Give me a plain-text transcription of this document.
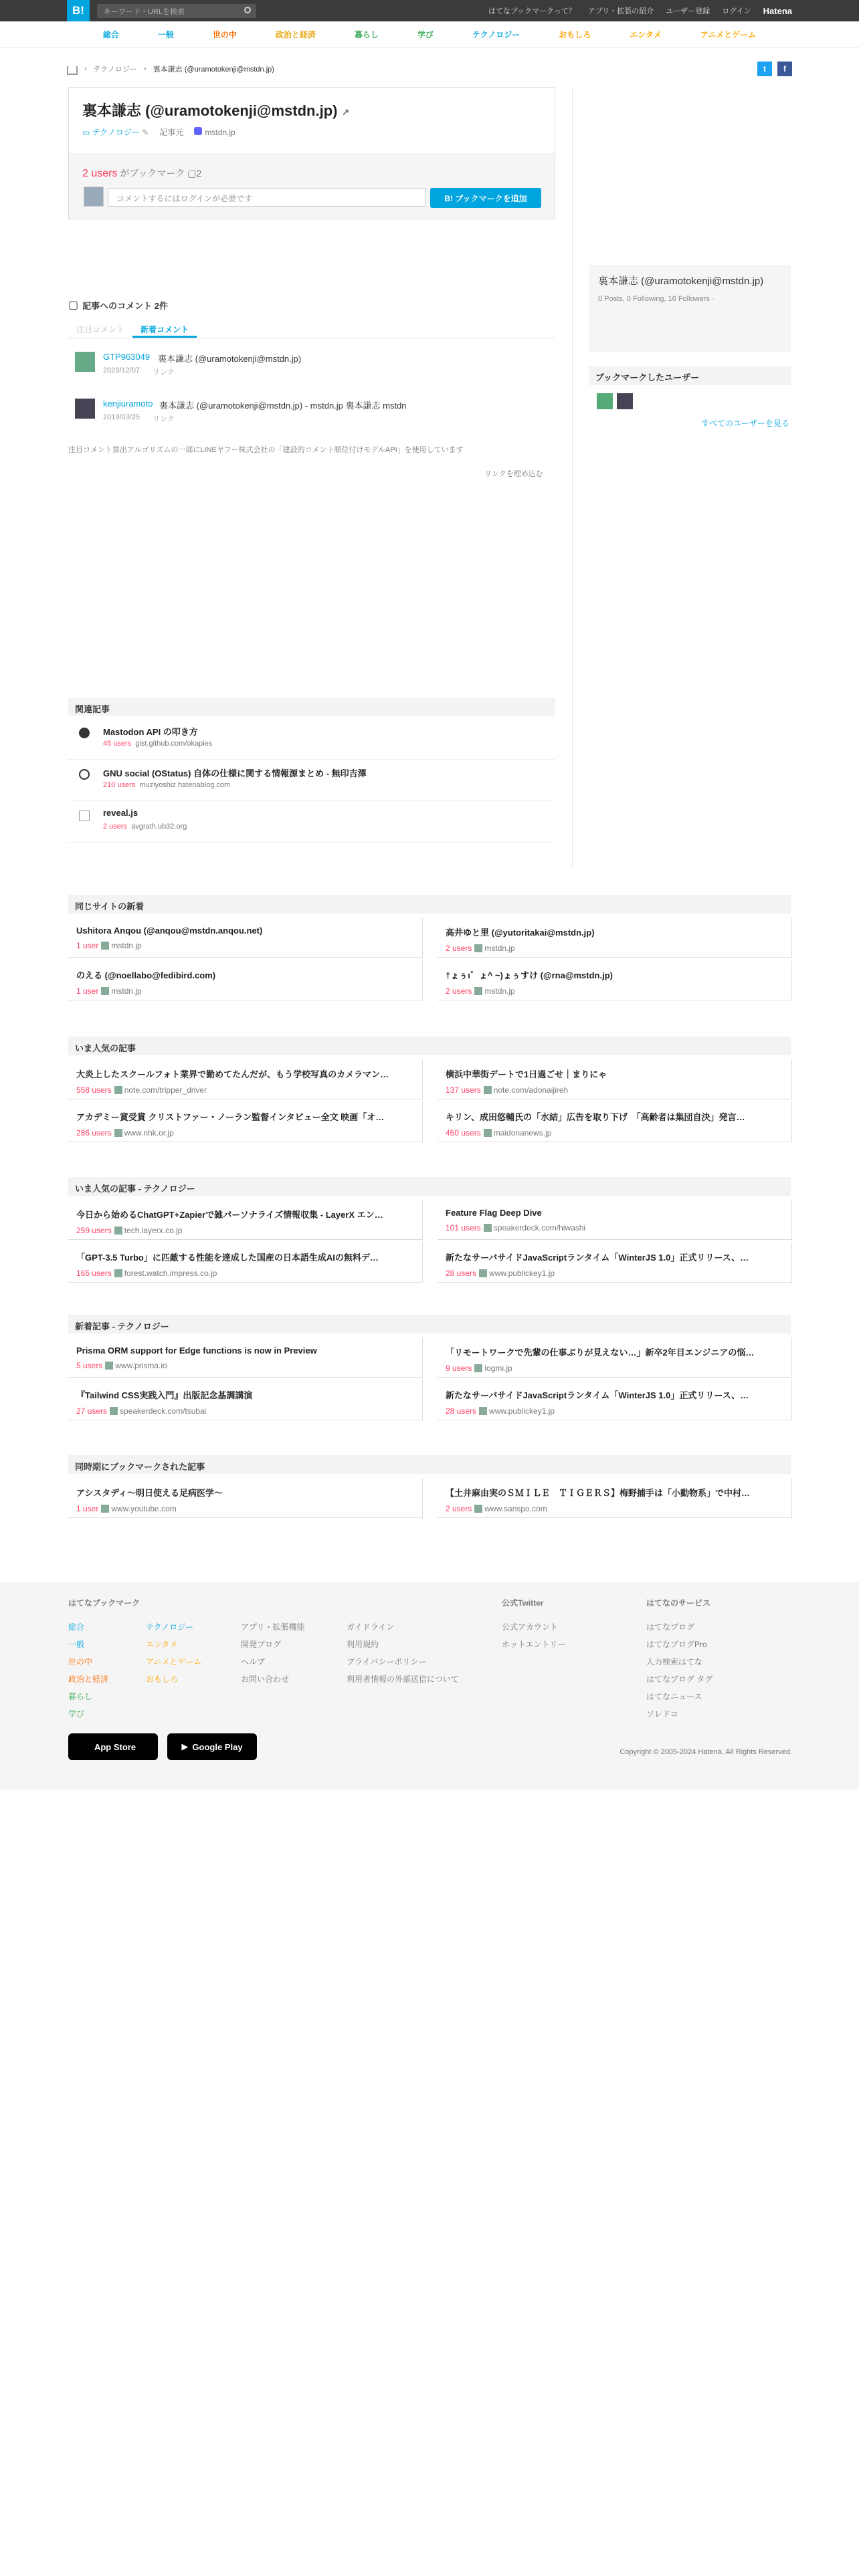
B!	キーワード・URLを検索	はてなブックマークって？ アプリ・拡張の紹介 ユーザー登録 ログイン Hatena
総合	一般	世の中	政治と経済	暮らし	学び	テクノロジー	おもしろ	エンタメ	アニメとゲーム
› テクノロジー › 裏本謙志 (@uramotokenji@mstdn.jp)	t	f
裏本謙志 (@uramotokenji@mstdn.jp) ↗
▭ テクノロジー ✎ 記事元	mstdn.jp
2 users がブックマーク ▢2
コメントするにはログインが必要です	B! ブックマークを追加
裏本謙志 (@uramotokenji@mstdn.jp)
0 Posts, 0 Following, 16 Followers ·
ブックマークしたユーザー
すべてのユーザーを見る
▢ 記事へのコメント 2件
注目コメント	新着コメント
GTP963049 裏本謙志 (@uramotokenji@mstdn.jp)
2023/12/07 リンク
kenjiuramoto 裏本謙志 (@uramotokenji@mstdn.jp) - mstdn.jp 裏本謙志 mstdn
2019/03/25 リンク
注目コメント算出アルゴリズムの一部にLINEヤフー株式会社の「建設的コメント順位付けモデルAPI」を使用しています
リンクを埋め込む
関連記事
Mastodon API の叩き方
45 users gist.github.com/okapies
GNU social (OStatus) 自体の仕様に関する情報源まとめ - 無印吉澤
210 users muziyoshiz.hatenablog.com
reveal.js
2 users avgrath.ub32.org
同じサイトの新着
Ushitora Anqou (@anqou@mstdn.anqou.net)
1 user mstdn.jp
高井ゆと里 (@yutoritakai@mstdn.jp)
2 users mstdn.jp
のえる (@noellabo@fedibird.com)
1 user mstdn.jp
†ょぅι゛ょ^ ~)ょぅすけ (@rna@mstdn.jp)
2 users mstdn.jp
いま人気の記事
大炎上したスクールフォト業界で勤めてたんだが、もう学校写真のカメラマン…
558 users note.com/tripper_driver
横浜中華街デートで1日過ごせ｜まりにゃ
137 users note.com/adonaijireh
アカデミー賞受賞 クリストファー・ノーラン監督インタビュー全文 映画「オ…
286 users www.nhk.or.jp
キリン、成田悠輔氏の「水結」広告を取り下げ　「高齢者は集団自決」発言…
450 users maidonanews.jp
いま人気の記事 - テクノロジー
今日から始めるChatGPT+Zapierで雑パーソナライズ情報収集 - LayerX エン…
259 users tech.layerx.co.jp
Feature Flag Deep Dive
101 users speakerdeck.com/hiwashi
「GPT-3.5 Turbo」に匹敵する性能を達成した国産の日本語生成AIの無料デ…
165 users forest.watch.impress.co.jp
新たなサーバサイドJavaScriptランタイム「WinterJS 1.0」正式リリース、…
28 users www.publickey1.jp
新着記事 - テクノロジー
Prisma ORM support for Edge functions is now in Preview
5 users www.prisma.io
「リモートワークで先輩の仕事ぶりが見えない…」新卒2年目エンジニアの悩…
9 users logmi.jp
『Tailwind CSS実践入門』出版記念基調講演
27 users speakerdeck.com/tsubai
新たなサーバサイドJavaScriptランタイム「WinterJS 1.0」正式リリース、…
28 users www.publickey1.jp
同時期にブックマークされた記事
アシスタディ〜明日使える足病医学〜
1 user www.youtube.com
【土井麻由実のＳＭＩＬＥ　ＴＩＧＥＲＳ】梅野捕手は「小動物系」で中村…
2 users www.sanspo.com
はてなブックマーク
総合
一般
世の中
政治と経済
暮らし
学び
テクノロジー
エンタメ
アニメとゲーム
おもしろ
アプリ・拡張機能
開発ブログ
ヘルプ
お問い合わせ
ガイドライン
利用規約
プライバシーポリシー
利用者情報の外部送信について
公式Twitter
公式アカウント
ホットエントリー
はてなのサービス
はてなブログ
はてなブログPro
人力検索はてな
はてなブログ タグ
はてなニュース
ソレドコ
App Store	▶ Google Play
Copyright © 2005-2024 Hatena. All Rights Reserved.
